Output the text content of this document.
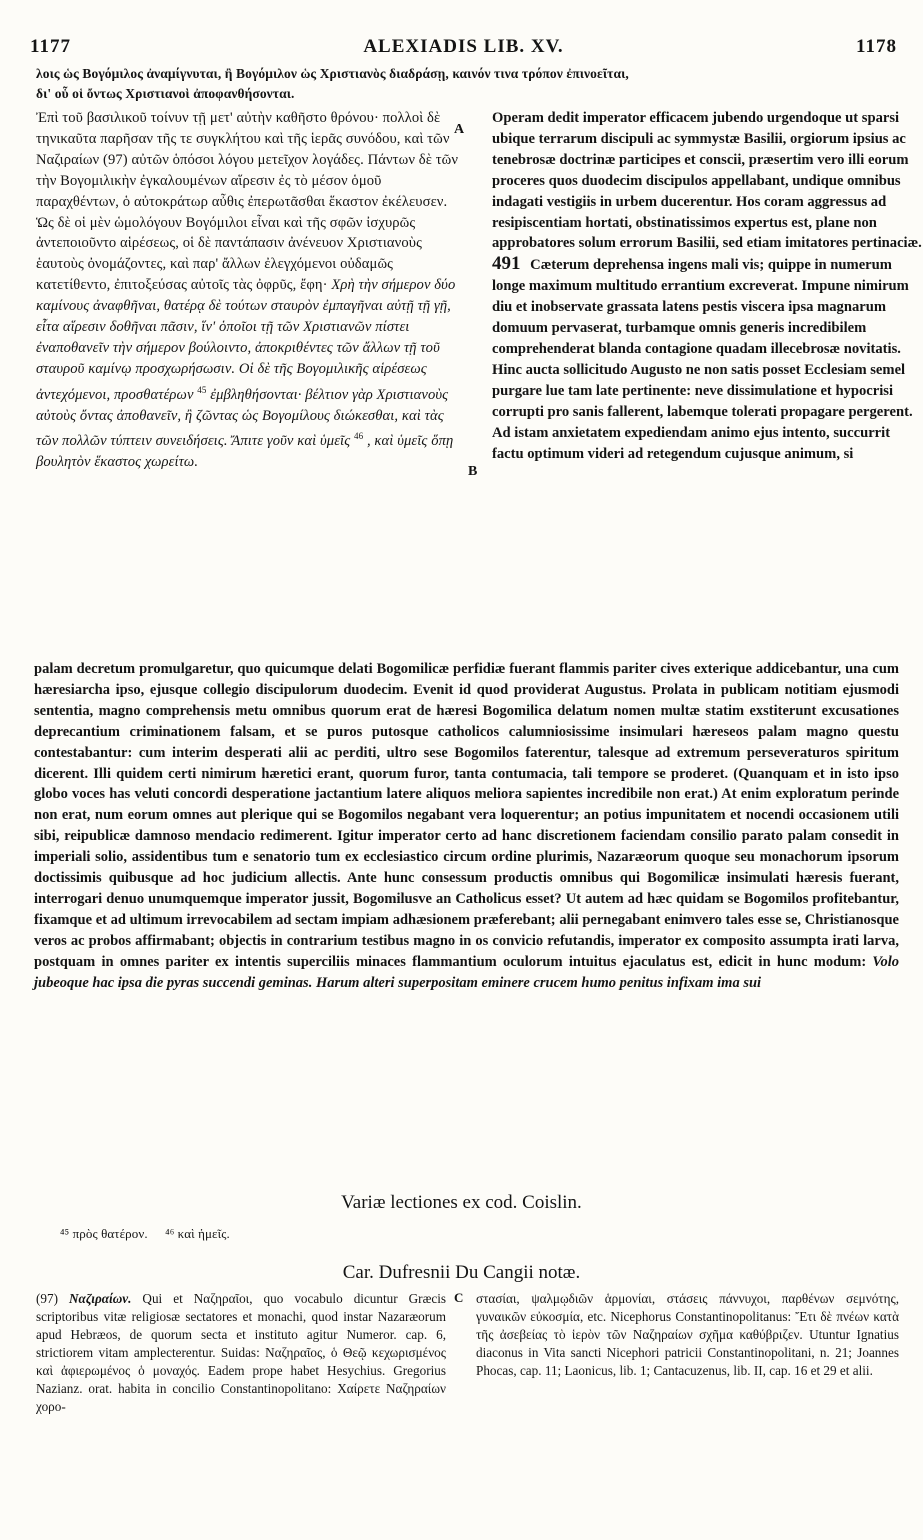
1177	ALEXIADIS LIB. XV.	1178

λοις ὡς Βογόμιλος ἀναμίγνυται, ἢ Βογόμιλον ὡς Χριστιανὸς διαδράσῃ, καινόν τινα τρόπον ἐπινοεῖται,

δι' οὗ οἱ ὄντως Χριστιανοὶ ἀποφανθήσονται.

Ἐπὶ τοῦ βασιλικοῦ τοίνυν τῇ μετ' αὐτὴν καθῆστο θρόνου· πολλοὶ δὲ τηνικαῦτα παρῆσαν τῆς τε συγκλήτου καὶ τῆς ἱερᾶς συνόδου, καὶ τῶν Ναζιραίων (97) αὐτῶν ὁπόσοι λόγου μετεῖχον λογάδες. Πάντων δὲ τῶν τὴν Βογομιλικὴν ἐγκαλουμένων αἵρεσιν ἐς τὸ μέσον ὁμοῦ παραχθέντων, ὁ αὐτοκράτωρ αὖθις ἐπερωτᾶσθαι ἕκαστον ἐκέλευσεν. Ὡς δὲ οἱ μὲν ὡμολόγουν Βογόμιλοι εἶναι καὶ τῆς σφῶν ἰσχυρῶς ἀντεποιοῦντο αἱρέσεως, οἱ δὲ παντάπασιν ἀνένευον Χριστιανοὺς ἑαυτοὺς ὀνομάζοντες, καὶ παρ' ἄλλων ἐλεγχόμενοι οὐδαμῶς κατετίθεντο, ἐπιτοξεύσας αὐτοῖς τὰς ὀφρῦς, ἔφη· Χρὴ τὴν σήμερον δύο καμίνους ἀναφθῆναι, θατέρᾳ δὲ τούτων σταυρὸν ἐμπαγῆναι αὐτῇ τῇ γῇ, εἶτα αἵρεσιν δοθῆναι πᾶσιν, ἵν' ὁποῖοι τῇ τῶν Χριστιανῶν πίστει ἐναποθανεῖν τὴν σήμερον βούλοιντο, ἀποκριθέντες τῶν ἄλλων τῇ τοῦ σταυροῦ καμίνῳ προσχωρήσωσιν. Οἱ δὲ τῆς Βογομιλικῆς αἱρέσεως ἀντεχόμενοι, προσθατέρων $^{45}$ ἐμβληθήσονται· βέλτιον γὰρ Χριστιανοὺς αὐτοὺς ὄντας ἀποθανεῖν, ἢ ζῶντας ὡς Βογομίλους διώκεσθαι, καὶ τὰς τῶν πολλῶν τύπτειν συνειδήσεις. Ἄπιτε γοῦν καὶ ὑμεῖς $^{46}$ , καὶ ὑμεῖς ὅπῃ βουλητὸν ἕκαστος χωρείτω.

A
B

Operam dedit imperator efficacem jubendo urgendoque ut sparsi ubique terrarum discipuli ac symmystæ Basilii, orgiorum ipsius ac tenebrosæ doctrinæ participes et conscii, præsertim vero illi eorum proceres quos duodecim discipulos appellabant, undique omnibus indagati vestigiis in urbem ducerentur. Hos coram aggressus ad resipiscentiam hortati, obstinatissimos expertus est, plane non approbatores solum errorum Basilii, sed etiam imitatores pertinaciæ. 491 Cæterum deprehensa ingens mali vis; quippe in numerum longe maximum multitudo errantium excreverat. Impune nimirum diu et inobservate grassata latens pestis viscera ipsa magnarum domuum pervaserat, turbamque omnis generis incredibilem comprehenderat blanda contagione quadam illecebrosæ novitatis. Hinc aucta sollicitudo Augusto ne non satis posset Ecclesiam semel purgare lue tam late pertinente: neve dissimulatione et hypocrisi corrupti pro sanis fallerent, labemque tolerati propagare pergerent. Ad istam anxietatem expediendam animo ejus intento, succurrit factu optimum videri ad retegendum cujusque animum, si

palam decretum promulgaretur, quo quicumque delati Bogomilicæ perfidiæ fuerant flammis pariter cives exterique addicebantur, una cum hæresiarcha ipso, ejusque collegio discipulorum duodecim. Evenit id quod providerat Augustus. Prolata in publicam notitiam ejusmodi sententia, magno comprehensis metu omnibus quorum erat de hæresi Bogomilica delatum nomen multæ statim exstiterunt excusationes deprecantium criminationem falsam, et se puros putosque catholicos calumniosissime insimulari hæreseos palam magno questu contestabantur: cum interim desperati alii ac perditi, ultro sese Bogomilos faterentur, talesque ad extremum perseveraturos spiritum dicerent. Illi quidem certi nimirum hæretici erant, quorum furor, tanta contumacia, tali tempore se proderet. (Quanquam et in isto ipso globo voces has veluti concordi desperatione jactantium latere aliquos meliora sapientes incredibile non erat.) At enim exploratum perinde non erat, num eorum omnes aut plerique qui se Bogomilos negabant vera loquerentur; an potius impunitatem et nocendi occasionem utili sibi, reipublicæ damnoso mendacio redimerent. Igitur imperator certo ad hanc discretionem faciendam consilio parato palam consedit in imperiali solio, assidentibus tum e senatorio tum ex ecclesiastico circum ordine plurimis, Nazaræorum quoque seu monachorum ipsorum doctissimis quibusque ad hoc judicium allectis. Ante hunc consessum productis omnibus qui Bogomilicæ insimulati hæresis fuerant, interrogari denuo unumquemque imperator jussit, Bogomilusve an Catholicus esset? Ut autem ad hæc quidam se Bogomilos profitebantur, fixamque et ad ultimum irrevocabilem ad sectam impiam adhæsionem præferebant; alii pernegabant enimvero tales esse se, Christianosque veros ac probos affirmabant; objectis in contrarium testibus magno in os convicio refutandis, imperator ex composito assumpta irati larva, postquam in omnes pariter ex intentis superciliis minaces flammantium oculorum intuitus ejaculatus est, edicit in hunc modum: Volo jubeoque hac ipsa die pyras succendi geminas. Harum alteri superpositam eminere crucem humo penitus infixam ima sui

Variæ lectiones ex cod. Coislin.
⁴⁵ πρὸς θατέρον. ⁴⁶ καὶ ἡμεῖς.
Car. Dufresnii Du Cangii notæ.

(97) Ναζιραίων. Qui et Ναζηραῖοι, quo vocabulo dicuntur Græcis scriptoribus vitæ religiosæ sectatores et monachi, quod instar Nazaræorum apud Hebræos, de quorum secta et instituto agitur Numeror. cap. 6, strictiorem vitam amplecterentur. Suidas: Ναζηραῖος, ὁ Θεῷ κεχωρισμένος καὶ ἀφιερωμένος ὁ μοναχός. Eadem prope habet Hesychius. Gregorius Nazianz. orat. habita in concilio Constantinopolitano: Χαίρετε Ναζηραίων χορο-

C στασίαι, ψαλμῳδιῶν ἁρμονίαι, στάσεις πάννυχοι, παρθένων σεμνότης, γυναικῶν εὐκοσμία, etc. Nicephorus Constantinopolitanus: Ἔτι δὲ πνέων κατὰ τῆς ἀσεβείας τὸ ἱερὸν τῶν Ναζηραίων σχῆμα καθύβριζεν. Utuntur Ignatius diaconus in Vita sancti Nicephori patricii Constantinopolitani, n. 21; Joannes Phocas, cap. 11; Laonicus, lib. 1; Cantacuzenus, lib. II, cap. 16 et 29 et alii.
